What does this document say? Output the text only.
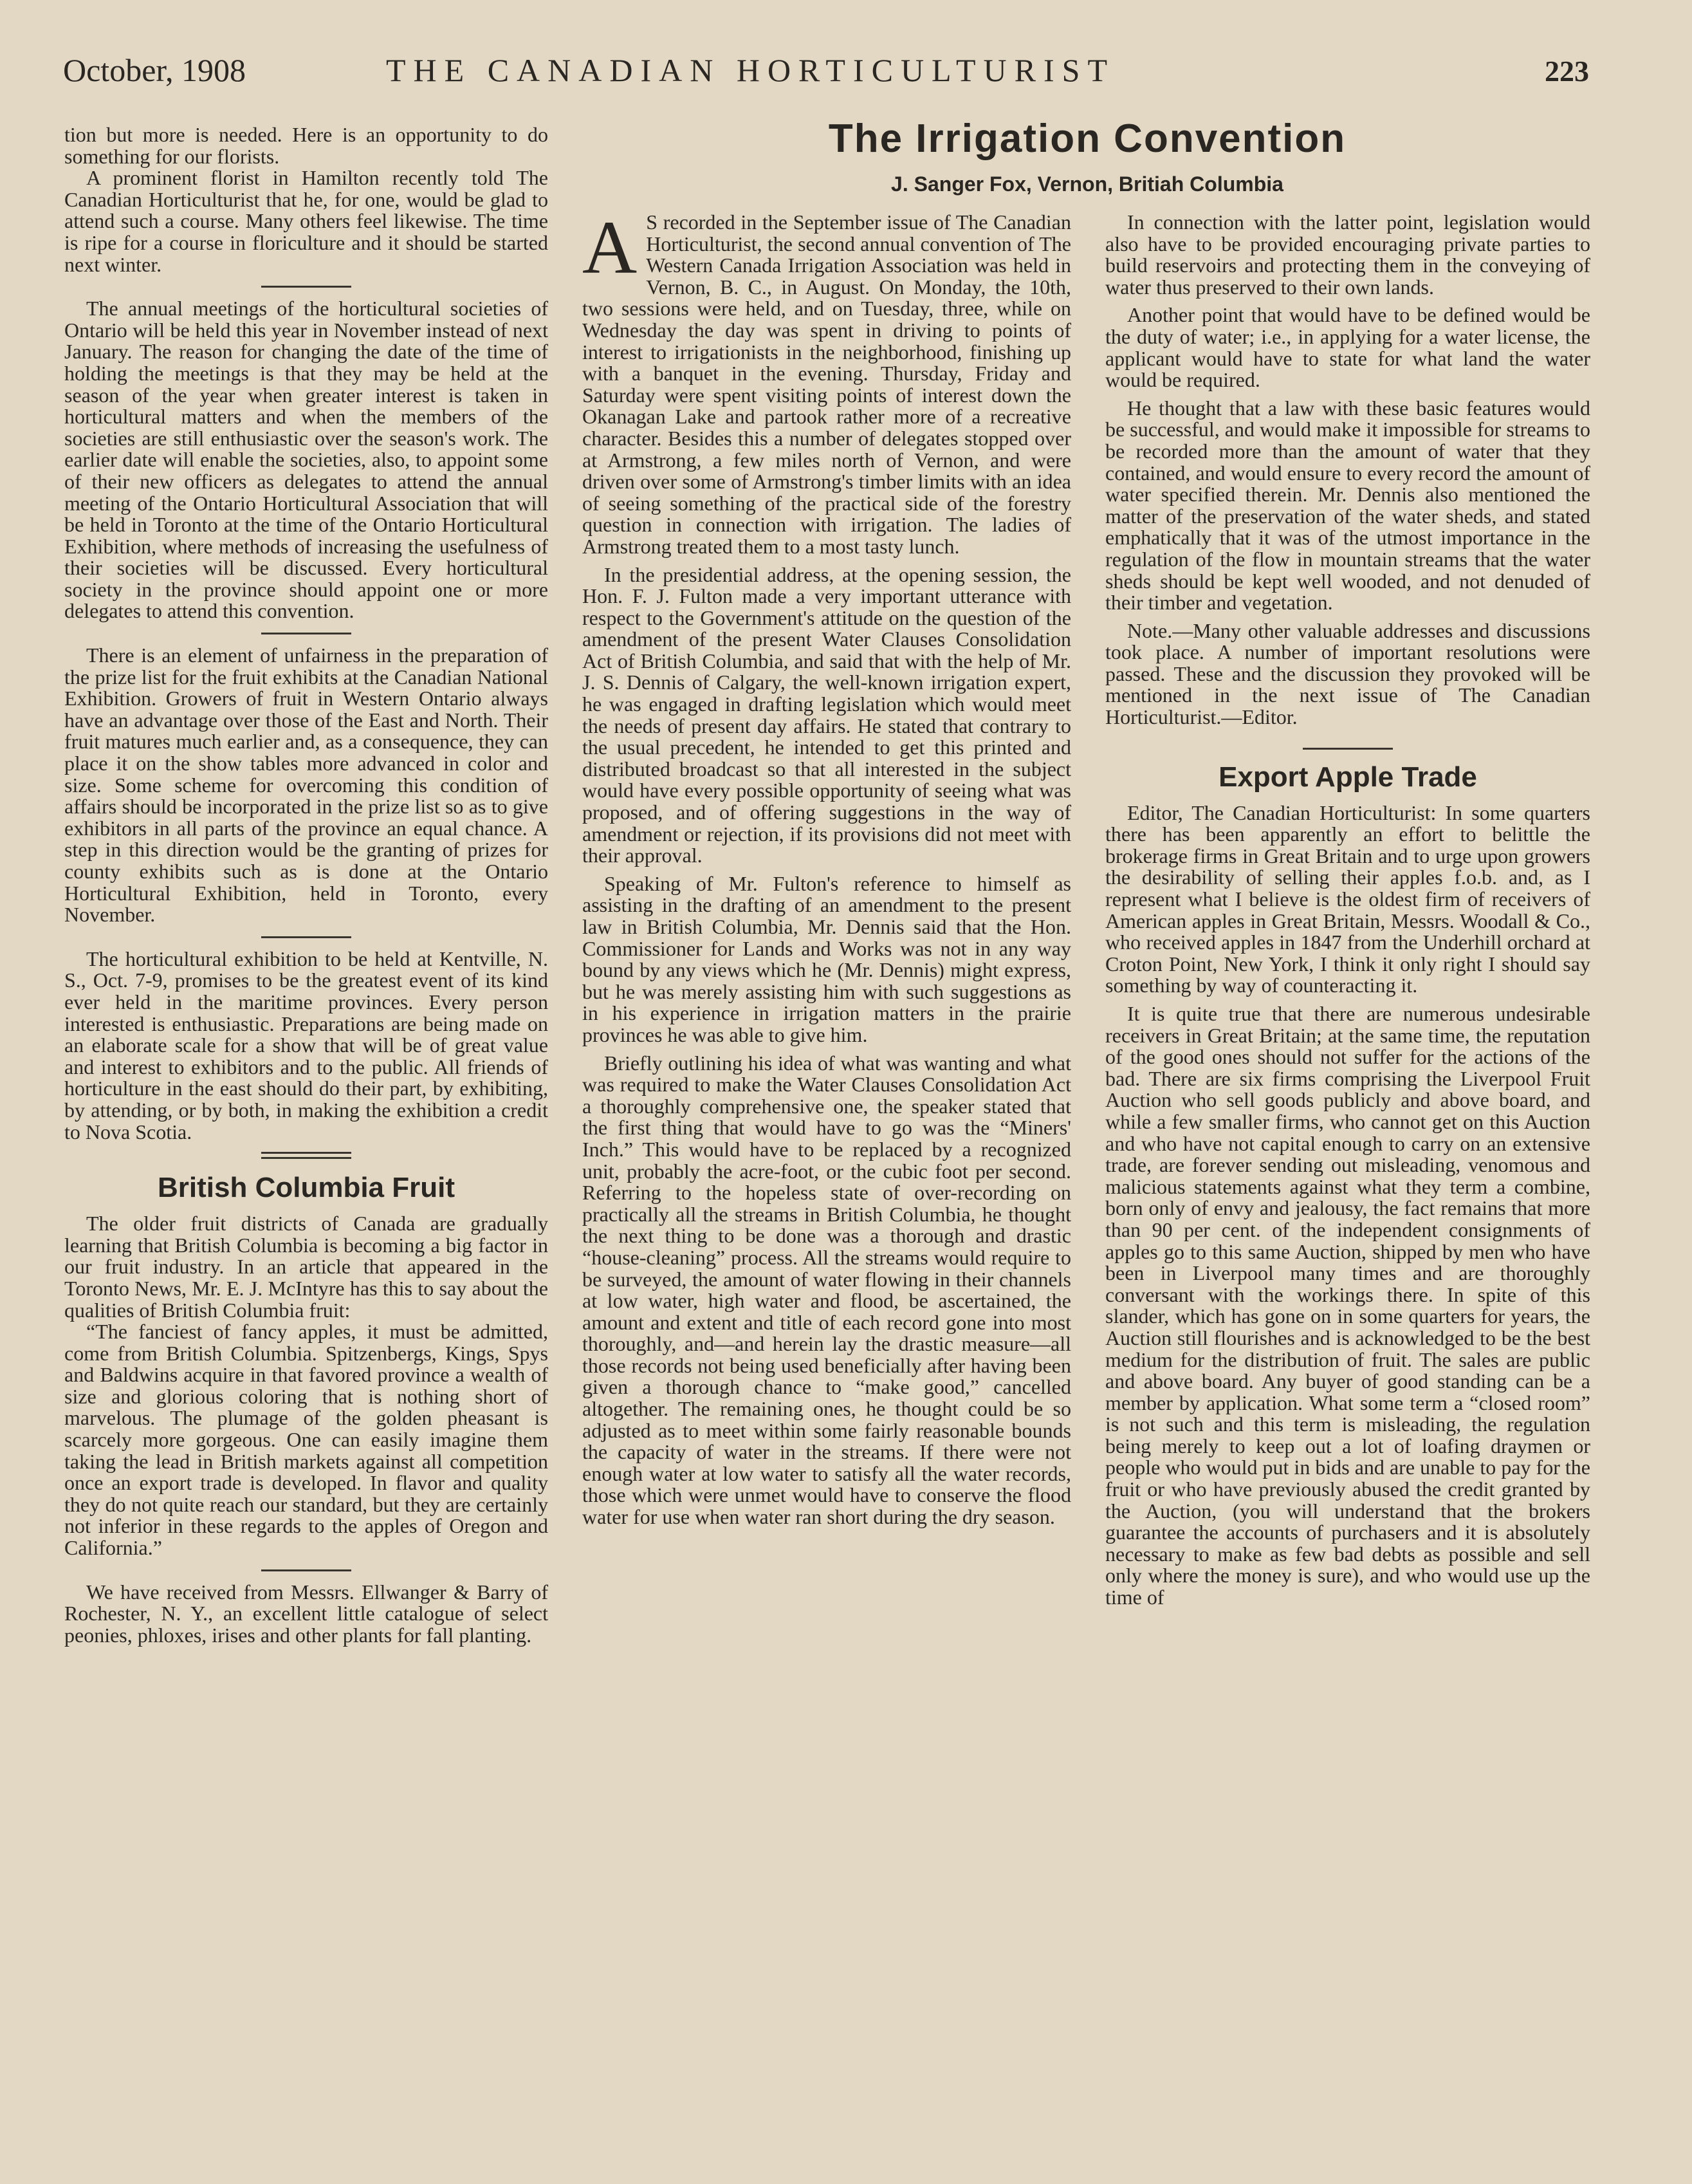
October, 1908	THE CANADIAN HORTICULTURIST	223

tion but more is needed. Here is an opportunity to do something for our florists.

A prominent florist in Hamilton recently told The Canadian Horticulturist that he, for one, would be glad to attend such a course. Many others feel likewise. The time is ripe for a course in floriculture and it should be started next winter.

The annual meetings of the horticultural societies of Ontario will be held this year in November instead of next January. The reason for changing the date of the time of holding the meetings is that they may be held at the season of the year when greater interest is taken in horticultural matters and when the members of the societies are still enthusiastic over the season's work. The earlier date will enable the societies, also, to appoint some of their new officers as delegates to attend the annual meeting of the Ontario Horticultural Association that will be held in Toronto at the time of the Ontario Horticultural Exhibition, where methods of increasing the usefulness of their societies will be discussed. Every horticultural society in the province should appoint one or more delegates to attend this convention.

There is an element of unfairness in the preparation of the prize list for the fruit exhibits at the Canadian National Exhibition. Growers of fruit in Western Ontario always have an advantage over those of the East and North. Their fruit matures much earlier and, as a consequence, they can place it on the show tables more advanced in color and size. Some scheme for overcoming this condition of affairs should be incorporated in the prize list so as to give exhibitors in all parts of the province an equal chance. A step in this direction would be the granting of prizes for county exhibits such as is done at the Ontario Horticultural Exhibition, held in Toronto, every November.

The horticultural exhibition to be held at Kentville, N. S., Oct. 7-9, promises to be the greatest event of its kind ever held in the maritime provinces. Every person interested is enthusiastic. Preparations are being made on an elaborate scale for a show that will be of great value and interest to exhibitors and to the public. All friends of horticulture in the east should do their part, by exhibiting, by attending, or by both, in making the exhibition a credit to Nova Scotia.

British Columbia Fruit

The older fruit districts of Canada are gradually learning that British Columbia is becoming a big factor in our fruit industry. In an article that appeared in the Toronto News, Mr. E. J. McIntyre has this to say about the qualities of British Columbia fruit:

“The fanciest of fancy apples, it must be admitted, come from British Columbia. Spitzenbergs, Kings, Spys and Baldwins acquire in that favored province a wealth of size and glorious coloring that is nothing short of marvelous. The plumage of the golden pheasant is scarcely more gorgeous. One can easily imagine them taking the lead in British markets against all competition once an export trade is developed. In flavor and quality they do not quite reach our standard, but they are certainly not inferior in these regards to the apples of Oregon and California.”

We have received from Messrs. Ellwanger & Barry of Rochester, N. Y., an excellent little catalogue of select peonies, phloxes, irises and other plants for fall planting.

The Irrigation Convention
J. Sanger Fox, Vernon, Britiah Columbia

A S recorded in the September issue of The Canadian Horticulturist, the second annual convention of The Western Canada Irrigation Association was held in Vernon, B. C., in August. On Monday, the 10th, two sessions were held, and on Tuesday, three, while on Wednesday the day was spent in driving to points of interest to irrigationists in the neighborhood, finishing up with a banquet in the evening. Thursday, Friday and Saturday were spent visiting points of interest down the Okanagan Lake and partook rather more of a recreative character. Besides this a number of delegates stopped over at Armstrong, a few miles north of Vernon, and were driven over some of Armstrong's timber limits with an idea of seeing something of the practical side of the forestry question in connection with irrigation. The ladies of Armstrong treated them to a most tasty lunch.

In the presidential address, at the opening session, the Hon. F. J. Fulton made a very important utterance with respect to the Government's attitude on the question of the amendment of the present Water Clauses Consolidation Act of British Columbia, and said that with the help of Mr. J. S. Dennis of Calgary, the well-known irrigation expert, he was engaged in drafting legislation which would meet the needs of present day affairs. He stated that contrary to the usual precedent, he intended to get this printed and distributed broadcast so that all interested in the subject would have every possible opportunity of seeing what was proposed, and of offering suggestions in the way of amendment or rejection, if its provisions did not meet with their approval.

Speaking of Mr. Fulton's reference to himself as assisting in the drafting of an amendment to the present law in British Columbia, Mr. Dennis said that the Hon. Commissioner for Lands and Works was not in any way bound by any views which he (Mr. Dennis) might express, but he was merely assisting him with such suggestions as in his experience in irrigation matters in the prairie provinces he was able to give him.

Briefly outlining his idea of what was wanting and what was required to make the Water Clauses Consolidation Act a thoroughly comprehensive one, the speaker stated that the first thing that would have to go was the “Miners' Inch.” This would have to be replaced by a recognized unit, probably the acre-foot, or the cubic foot per second. Referring to the hopeless state of over-recording on practically all the streams in British Columbia, he thought the next thing to be done was a thorough and drastic “house-cleaning” process. All the streams would require to be surveyed, the amount of water flowing in their channels at low water, high water and flood, be ascertained, the amount and extent and title of each record gone into most thoroughly, and—and herein lay the drastic measure—all those records not being used beneficially after having been given a thorough chance to “make good,” cancelled altogether. The remaining ones, he thought could be so adjusted as to meet within some fairly reasonable bounds the capacity of water in the streams. If there were not enough water at low water to satisfy all the water records, those which were unmet would have to conserve the flood water for use when water ran short during the dry season.

In connection with the latter point, legislation would also have to be provided encouraging private parties to build reservoirs and protecting them in the conveying of water thus preserved to their own lands.

Another point that would have to be defined would be the duty of water; i.e., in applying for a water license, the applicant would have to state for what land the water would be required.

He thought that a law with these basic features would be successful, and would make it impossible for streams to be recorded more than the amount of water that they contained, and would ensure to every record the amount of water specified therein. Mr. Dennis also mentioned the matter of the preservation of the water sheds, and stated emphatically that it was of the utmost importance in the regulation of the flow in mountain streams that the water sheds should be kept well wooded, and not denuded of their timber and vegetation.

Note.—Many other valuable addresses and discussions took place. A number of important resolutions were passed. These and the discussion they provoked will be mentioned in the next issue of The Canadian Horticulturist.—Editor.

Export Apple Trade

Editor, The Canadian Horticulturist: In some quarters there has been apparently an effort to belittle the brokerage firms in Great Britain and to urge upon growers the desirability of selling their apples f.o.b. and, as I represent what I believe is the oldest firm of receivers of American apples in Great Britain, Messrs. Woodall & Co., who received apples in 1847 from the Underhill orchard at Croton Point, New York, I think it only right I should say something by way of counteracting it.

It is quite true that there are numerous undesirable receivers in Great Britain; at the same time, the reputation of the good ones should not suffer for the actions of the bad. There are six firms comprising the Liverpool Fruit Auction who sell goods publicly and above board, and while a few smaller firms, who cannot get on this Auction and who have not capital enough to carry on an extensive trade, are forever sending out misleading, venomous and malicious statements against what they term a combine, born only of envy and jealousy, the fact remains that more than 90 per cent. of the independent consignments of apples go to this same Auction, shipped by men who have been in Liverpool many times and are thoroughly conversant with the workings there. In spite of this slander, which has gone on in some quarters for years, the Auction still flourishes and is acknowledged to be the best medium for the distribution of fruit. The sales are public and above board. Any buyer of good standing can be a member by application. What some term a “closed room” is not such and this term is misleading, the regulation being merely to keep out a lot of loafing draymen or people who would put in bids and are unable to pay for the fruit or who have previously abused the credit granted by the Auction, (you will understand that the brokers guarantee the accounts of purchasers and it is absolutely necessary to make as few bad debts as possible and sell only where the money is sure), and who would use up the time of
